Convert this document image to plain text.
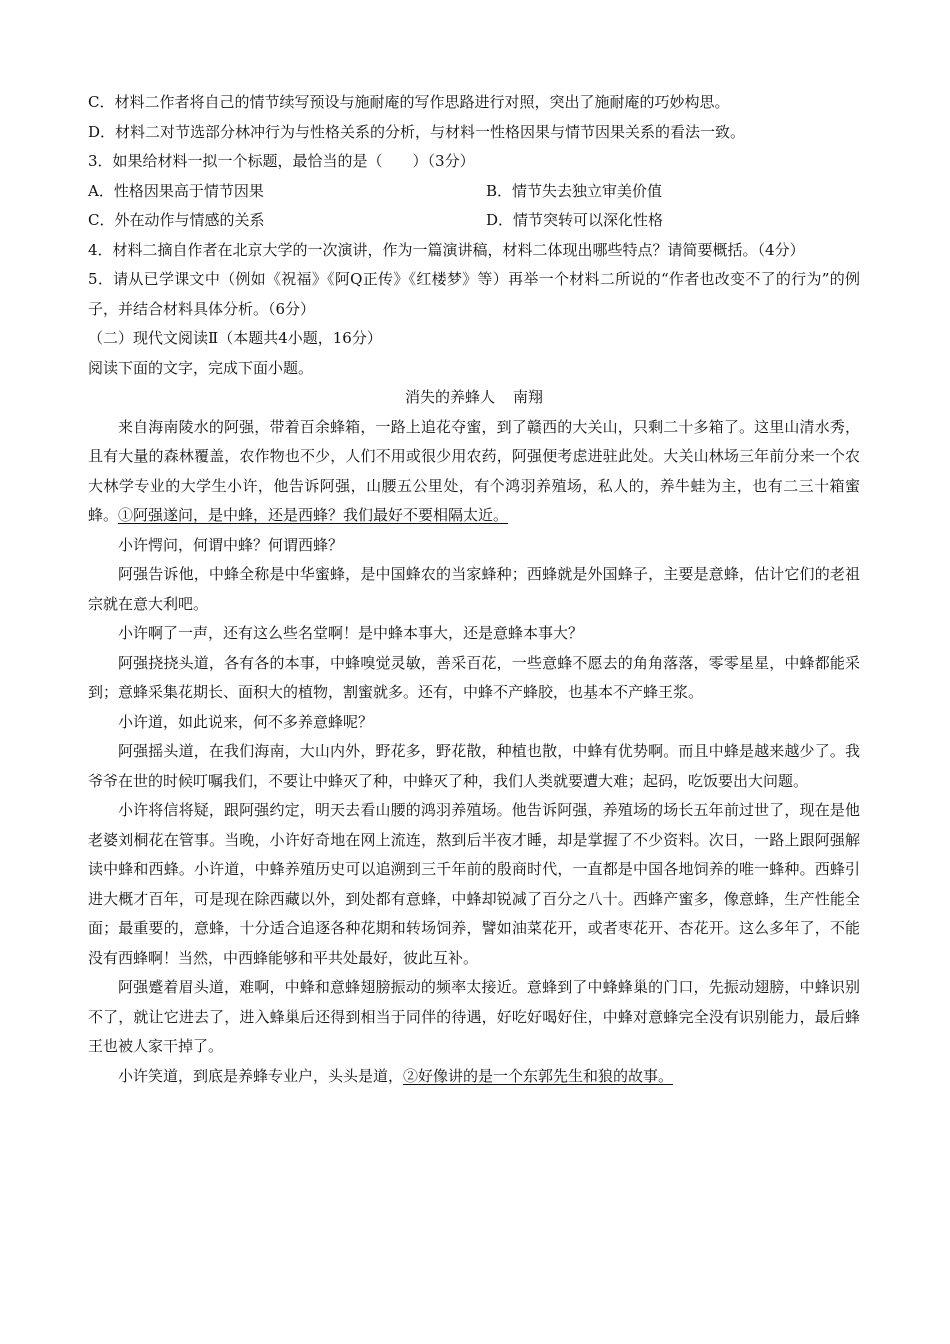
C．材料二作者将自己的情节续写预设与施耐庵的写作思路进行对照，突出了施耐庵的巧妙构思。

D．材料二对节选部分林冲行为与性格关系的分析，与材料一性格因果与情节因果关系的看法一致。

3．如果给材料一拟一个标题，最恰当的是（　　）（3分）

A．性格因果高于情节因果	B．情节失去独立审美价值
C．外在动作与情感的关系	D．情节突转可以深化性格

4．材料二摘自作者在北京大学的一次演讲，作为一篇演讲稿，材料二体现出哪些特点？请简要概括。（4分）

5．请从已学课文中（例如《祝福》《阿Q正传》《红楼梦》等）再举一个材料二所说的“作者也改变不了的行为”的例子，并结合材料具体分析。（6分）

（二）现代文阅读Ⅱ（本题共4小题，16分）

阅读下面的文字，完成下面小题。

消失的养蜂人 南翔

来自海南陵水的阿强，带着百余蜂箱，一路上追花夺蜜，到了赣西的大关山，只剩二十多箱了。这里山清水秀，且有大量的森林覆盖，农作物也不少，人们不用或很少用农药，阿强便考虑进驻此处。大关山林场三年前分来一个农大林学专业的大学生小许，他告诉阿强，山腰五公里处，有个鸿羽养殖场，私人的，养牛蛙为主，也有二三十箱蜜蜂。①阿强遂问，是中蜂，还是西蜂？我们最好不要相隔太近。

小许愕问，何谓中蜂？何谓西蜂？

阿强告诉他，中蜂全称是中华蜜蜂，是中国蜂农的当家蜂种；西蜂就是外国蜂子，主要是意蜂，估计它们的老祖宗就在意大利吧。

小许啊了一声，还有这么些名堂啊！是中蜂本事大，还是意蜂本事大？

阿强挠挠头道，各有各的本事，中蜂嗅觉灵敏，善采百花，一些意蜂不愿去的角角落落，零零星星，中蜂都能采到；意蜂采集花期长、面积大的植物，割蜜就多。还有，中蜂不产蜂胶，也基本不产蜂王浆。

小许道，如此说来，何不多养意蜂呢？

阿强摇头道，在我们海南，大山内外，野花多，野花散，种植也散，中蜂有优势啊。而且中蜂是越来越少了。我爷爷在世的时候叮嘱我们，不要让中蜂灭了种，中蜂灭了种，我们人类就要遭大难；起码，吃饭要出大问题。

小许将信将疑，跟阿强约定，明天去看山腰的鸿羽养殖场。他告诉阿强，养殖场的场长五年前过世了，现在是他老婆刘桐花在管事。当晚，小许好奇地在网上流连，熬到后半夜才睡，却是掌握了不少资料。次日，一路上跟阿强解读中蜂和西蜂。小许道，中蜂养殖历史可以追溯到三千年前的殷商时代，一直都是中国各地饲养的唯一蜂种。西蜂引进大概才百年，可是现在除西藏以外，到处都有意蜂，中蜂却锐减了百分之八十。西蜂产蜜多，像意蜂，生产性能全面；最重要的，意蜂，十分适合追逐各种花期和转场饲养，譬如油菜花开，或者枣花开、杏花开。这么多年了，不能没有西蜂啊！当然，中西蜂能够和平共处最好，彼此互补。

阿强蹙着眉头道，难啊，中蜂和意蜂翅膀振动的频率太接近。意蜂到了中蜂蜂巢的门口，先振动翅膀，中蜂识别不了，就让它进去了，进入蜂巢后还得到相当于同伴的待遇，好吃好喝好住，中蜂对意蜂完全没有识别能力，最后蜂王也被人家干掉了。

小许笑道，到底是养蜂专业户，头头是道，②好像讲的是一个东郭先生和狼的故事。
